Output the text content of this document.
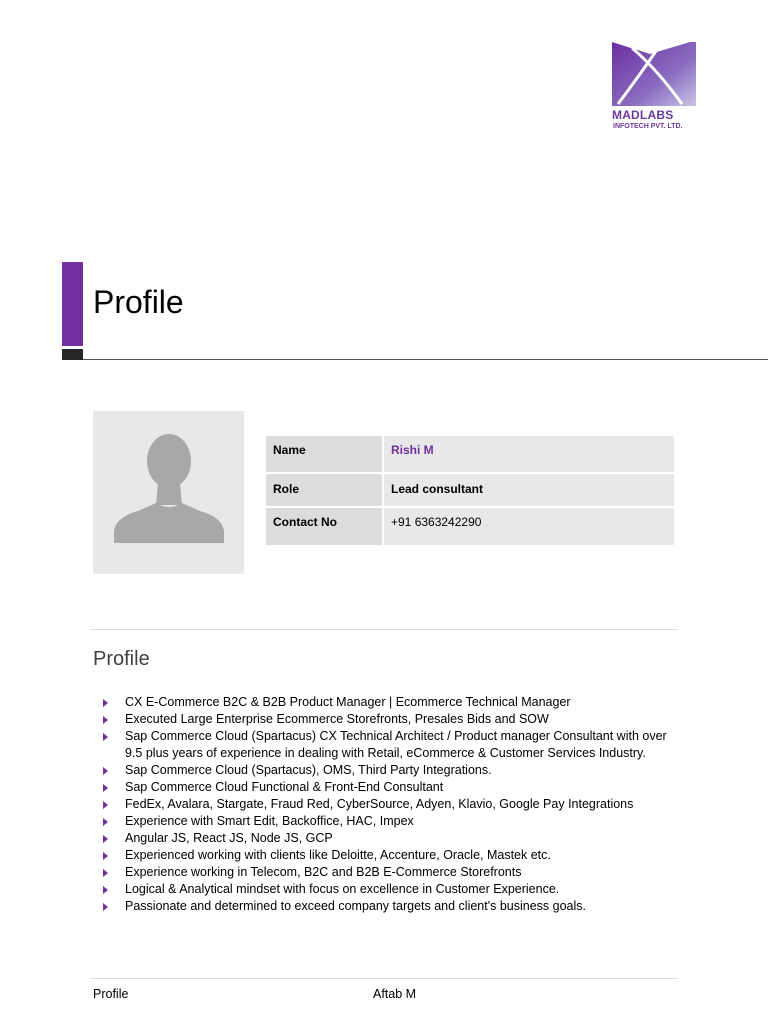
MADLABS
INFOTECH PVT. LTD.
Profile
Name	Rishi M
Role	Lead consultant
Contact No	+91 6363242290
Profile
CX E-Commerce B2C & B2B Product Manager | Ecommerce Technical Manager
Executed Large Enterprise Ecommerce Storefronts, Presales Bids and SOW
Sap Commerce Cloud (Spartacus) CX Technical Architect / Product manager Consultant with over 9.5 plus years of experience in dealing with Retail, eCommerce & Customer Services Industry.
Sap Commerce Cloud (Spartacus), OMS, Third Party Integrations.
Sap Commerce Cloud Functional & Front-End Consultant
FedEx, Avalara, Stargate, Fraud Red, CyberSource, Adyen, Klavio, Google Pay Integrations
Experience with Smart Edit, Backoffice, HAC, Impex
Angular JS, React JS, Node JS, GCP
Experienced working with clients like Deloitte, Accenture, Oracle, Mastek etc.
Experience working in Telecom, B2C and B2B E-Commerce Storefronts
Logical & Analytical mindset with focus on excellence in Customer Experience.
Passionate and determined to exceed company targets and client's business goals.
Profile	Aftab M
